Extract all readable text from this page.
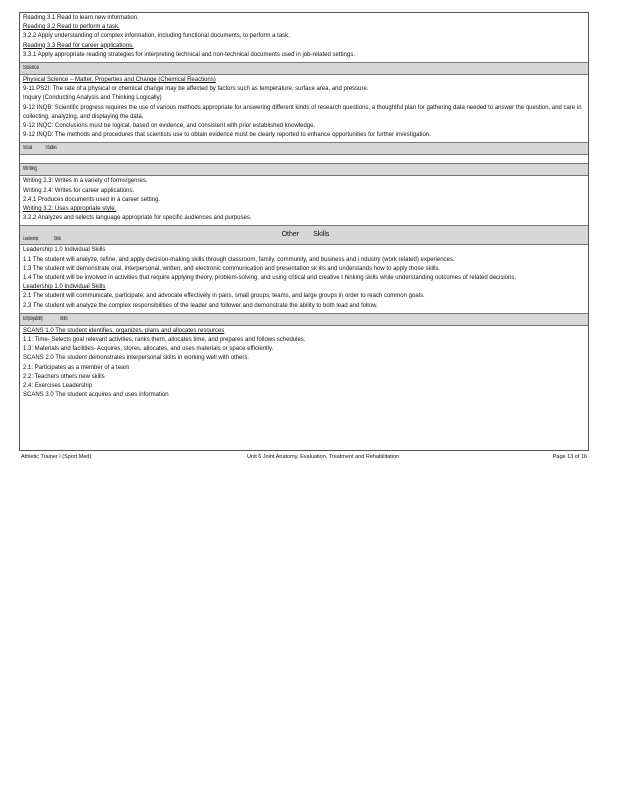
Reading 3.1 Read to learn new information.
Reading 3.2 Read to perform a task.
3.2.2 Apply understanding of complex information, including functional documents, to perform a task.
Reading 3.3 Read for career applications.
3.3.1 Apply appropriate reading strategies for interpreting technical and non-technical documents used in job-related settings.
Science
Physical Science – Matter, Properties and Change (Chemical Reactions)
9-11 PS2I: The rate of a physical or chemical change may be affected by factors such as temperature, surface area, and pressure.
Inquiry (Conducting Analysis and Thinking Logically)
9-12 INQB: Scientific progress requires the use of various methods appropriate for answering different kinds of research questions, a thoughtful plan for gathering data needed to answer the question, and care in collecting, analyzing, and displaying the data.
9-12 INQC: Conclusions must be logical, based on evidence, and consistent with prior established knowledge.
9-12 INQD: The methods and procedures that scientists use to obtain evidence must be clearly reported to enhance opportunities for further investigation.
Social Studies
Writing
Writing 2.3: Writes in a variety of forms/genres.
Writing 2.4: Writes for career applications.
2.4.1 Produces documents used in a career setting.
Writing 3.2: Uses appropriate style.
3.2.2 Analyzes and selects language appropriate for specific audiences and purposes.
Other Skills
Leadership	Skills
Leadership 1.0 Individual Skills
1.1 The student will analyze, refine, and apply decision-making skills through classroom, family, community, and business and i ndustry (work related) experiences.
1.3 The student will demonstrate oral, interpersonal, written, and electronic communication and presentation sk ills and understands how to apply those skills.
1.4 The student will be involved in activities that require applying theory, problem-solving, and using critical and creative t hinking skills while understanding outcomes of related decisions.
Leadership 1.0 Individual Skills
2.1 The student will communicate, participate, and advocate effectively in pairs, small groups, teams, and large groups in order to reach common goals.
2.3 The student will analyze the complex responsibilities of the leader and follower and demonstrate the ability to both lead and follow.
Employability	Skills
SCANS 1.0 The student identifies, organizes, plans and allocates resources
1.1: Time- Selects goal relevant activities, ranks them, allocates time, and prepares and follows schedules.
1.3: Materials and facilities- Acquires, stores, allocates, and uses materials or space efficiently.
SCANS 2.0 The student demonstrates interpersonal skills in working well with others.
2.1: Participates as a member of a team
2.2: Teachers others new skills
2.4: Exercises Leadership
SCANS 3.0 The student acquires and uses information
Athletic Trainer I (Sport Med)	Unit 6 Joint Anatomy, Evaluation, Treatment and Rehabilitation	Page 13 of 16
